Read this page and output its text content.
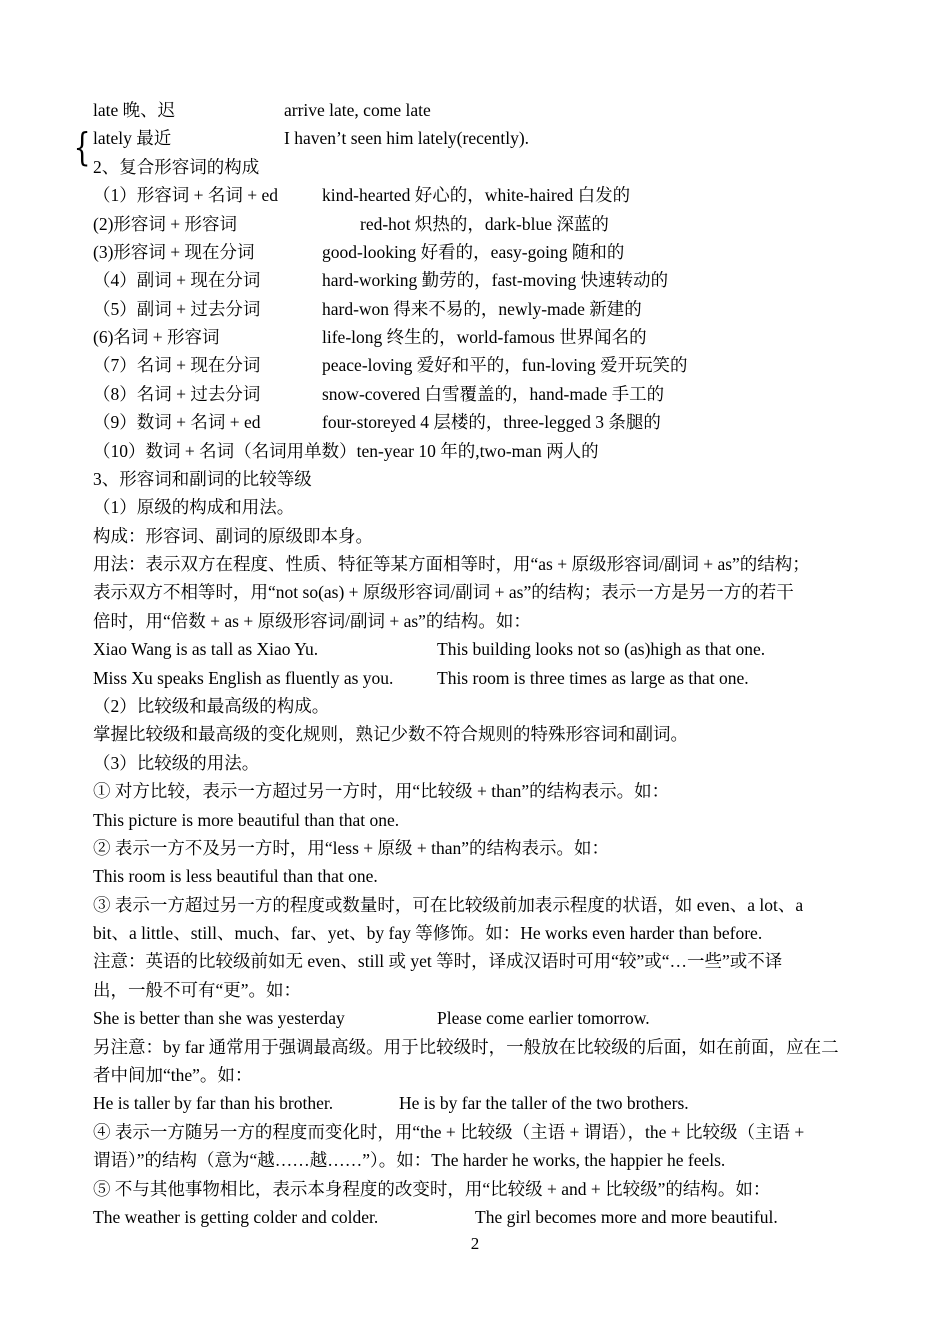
{
late 晚、迟	arrive late, come late
lately 最近	I haven’t seen him lately(recently).
2、复合形容词的构成
（1）形容词 + 名词 + ed	kind-hearted 好心的，white-haired 白发的
(2)形容词 + 形容词	red-hot 炽热的，dark-blue 深蓝的
(3)形容词 + 现在分词	good-looking 好看的，easy-going 随和的
（4）副词 + 现在分词	hard-working 勤劳的，fast-moving 快速转动的
（5）副词 + 过去分词	hard-won 得来不易的，newly-made 新建的
(6)名词 + 形容词	life-long 终生的，world-famous 世界闻名的
（7）名词 + 现在分词	peace-loving 爱好和平的，fun-loving 爱开玩笑的
（8）名词 + 过去分词	snow-covered 白雪覆盖的，hand-made 手工的
（9）数词 + 名词 + ed	four-storeyed 4 层楼的，three-legged 3 条腿的
（10）数词 + 名词（名词用单数）ten-year 10 年的,two-man 两人的
3、形容词和副词的比较等级
（1）原级的构成和用法。
构成：形容词、副词的原级即本身。
用法：表示双方在程度、性质、特征等某方面相等时，用“as + 原级形容词/副词 + as”的结构；
表示双方不相等时，用“not so(as) + 原级形容词/副词 + as”的结构；表示一方是另一方的若干
倍时，用“倍数 + as + 原级形容词/副词 + as”的结构。如：
Xiao Wang is as tall as Xiao Yu.	This building looks not so (as)high as that one.
Miss Xu speaks English as fluently as you. This room is three times as large as that one.
（2）比较级和最高级的构成。
掌握比较级和最高级的变化规则，熟记少数不符合规则的特殊形容词和副词。
（3）比较级的用法。
① 对方比较，表示一方超过另一方时，用“比较级 + than”的结构表示。如：
This picture is more beautiful than that one.
② 表示一方不及另一方时，用“less + 原级 + than”的结构表示。如：
This room is less beautiful than that one.
③ 表示一方超过另一方的程度或数量时，可在比较级前加表示程度的状语，如 even、a lot、a
bit、a little、still、much、far、yet、by fay 等修饰。如：He works even harder than before.
注意：英语的比较级前如无 even、still 或 yet 等时，译成汉语时可用“较”或“…一些”或不译
出，一般不可有“更”。如：
She is better than she was yesterday	Please come earlier tomorrow.
另注意：by far 通常用于强调最高级。用于比较级时，一般放在比较级的后面，如在前面，应在二
者中间加“the”。如：
He is taller by far than his brother.	He is by far the taller of the two brothers.
④ 表示一方随另一方的程度而变化时，用“the + 比较级（主语 + 谓语），the + 比较级（主语 +
谓语）”的结构（意为“越……越……”）。如：The harder he works, the happier he feels.
⑤ 不与其他事物相比，表示本身程度的改变时，用“比较级 + and + 比较级”的结构。如：
The weather is getting colder and colder.	The girl becomes more and more beautiful.
2
